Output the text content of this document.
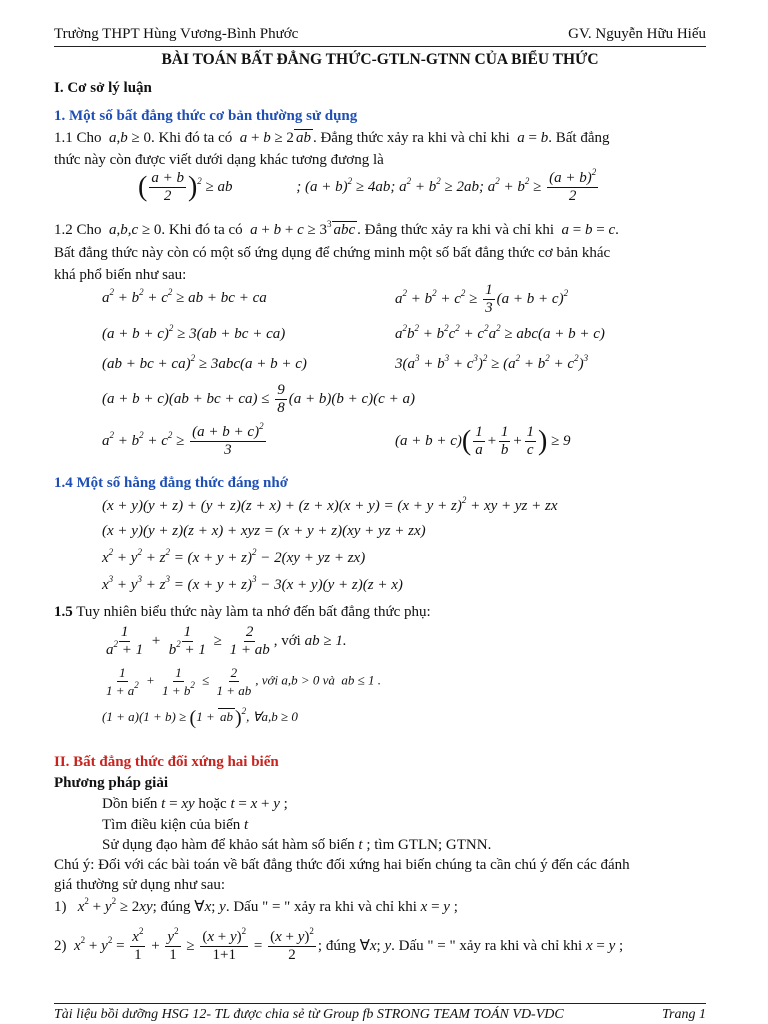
Trường THPT Hùng Vương-Bình Phước	GV. Nguyễn Hữu Hiếu
BÀI TOÁN BẤT ĐẲNG THỨC-GTLN-GTNN CỦA BIỂU THỨC
I. Cơ sở lý luận
1. Một số bất đẳng thức cơ bản thường sử dụng
1.1 Cho  a,b ≥ 0. Khi đó ta có  a + b ≥ 2 ab . Đẳng thức xảy ra khi và chỉ khi  a = b. Bất đẳng
thức này còn được viết dưới dạng khác tương đương là
( $\frac{a + b}{2} )^2$ ≥ ab	; $(a + b)^2 \ge 4ab$; $a^2 + b^2 \ge 2ab$; $a^2 + b^2 \ge \frac{(a + b)^2}{2}$
1.2 Cho  a,b,c ≥ 0. Khi đó ta có  $a + b + c \ge 3^3$ abc . Đẳng thức xảy ra khi và chỉ khi  a = b = c.
Bất đẳng thức này còn có một số ứng dụng để chứng minh một số bất đẳng thức cơ bản khác
khá phổ biến như sau:
$a^2 + b^2 + c^2$ ≥ ab + bc + ca	$a^2 + b^2 + c^2 \ge \frac{1}{3} (a + b + c)^2$
$(a + b + c)^2 \ge 3(ab$ + bc + ca)	$a^2b^2 + b^2c^2 + c^2a^2 \ge abc(a + b + c)$
(ab + bc + ca)$^2$ ≥ 3abc(a + b + c)	$3(a^3 + b^3 + c^3)^2 \ge (a^2 + b^2 + c^2)^3$
(a + b + c)(ab + bc + $ca) \le \frac{9}{8} (a + b)(b + c)(c + a)$
$a^2 + b^2 + c^2 \ge \frac{(a + b + c)^2}{3}$	$(a + b + c)( \frac{1}{a} + \frac{1}{b} + \frac{1}{c}$ ) ≥ 9
1.4 Một số hằng đẳng thức đáng nhớ
$(x + y)(y + z) + (y + z)(z + x) + (z + x)(x + y) = (x + y + z)^2$ + xy + yz + zx
(x + y)(y + z)(z + x) + xyz = (x + y + z)(xy + yz + zx)
$x^2 + y^2 + z^2 = (x + y + z)^2 - 2(xy$ + yz + zx)
$x^3 + y^3 + z^3 = (x + y + z)^3 - 3(x + y)(y + z)(z + x)$
1.5 Tuy nhiên biểu thức này làm ta nhớ đến bất đẳng thức phụ:
$\frac{1}{a^2 + 1} + \frac{1}{b^2 + 1} \ge \frac{2}{1 + ab}$ , với ab ≥ 1.
$\frac{1}{1 + a^2} + \frac{1}{1 + b^2} \le \frac{2}{1 + ab}$ , với a,b > 0 và ab ≤ 1 .
(1 + a)(1 + b) ≥ (1 + ab )$^2$, ∀a,b ≥ 0
II. Bất đẳng thức đối xứng hai biến
Phương pháp giải
Dồn biến t = xy hoặc t = x + y ;
Tìm điều kiện của biến t
Sử dụng đạo hàm để khảo sát hàm số biến t ; tìm GTLN; GTNN.
Chú ý: Đối với các bài toán về bất đẳng thức đối xứng hai biến chúng ta cần chú ý đến các đánh
giá thường sử dụng như sau:
1)   $x^2 + y^2 \ge 2xy$; đúng ∀x; y. Dấu " = " xảy ra khi và chỉ khi x = y ;
2)  $x^2 + y^2 = \frac{x^2}{1} + \frac{y^2}{1} \ge \frac{(x + y)^2}{1+1} = \frac{(x + y)^2}{2}$ ; đúng ∀x; y. Dấu " = " xảy ra khi và chỉ khi x = y ;
Tài liệu bồi dưỡng HSG 12- TL được chia sẻ từ Group fb STRONG TEAM TOÁN VD-VDC	Trang 1
